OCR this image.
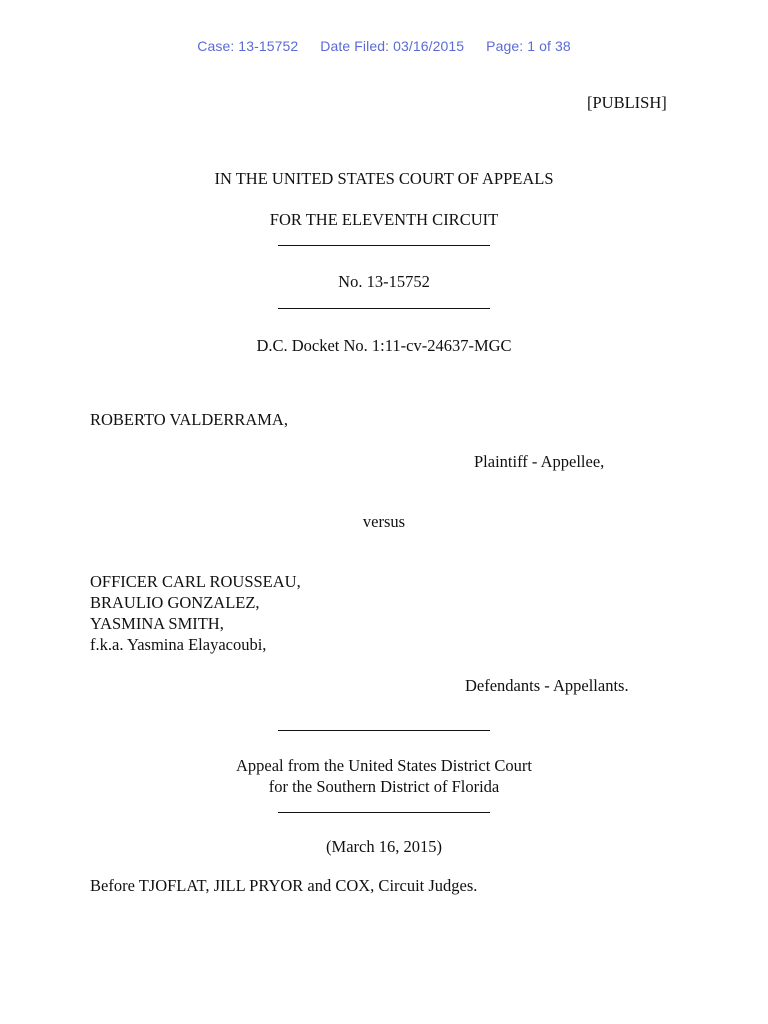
Case: 13-15752 Date Filed: 03/16/2015 Page: 1 of 38
[PUBLISH]
IN THE UNITED STATES COURT OF APPEALS
FOR THE ELEVENTH CIRCUIT
No. 13-15752
D.C. Docket No. 1:11-cv-24637-MGC
ROBERTO VALDERRAMA,
Plaintiff - Appellee,
versus
OFFICER CARL ROUSSEAU,
BRAULIO GONZALEZ,
YASMINA SMITH,
f.k.a. Yasmina Elayacoubi,
Defendants - Appellants.
Appeal from the United States District Court
for the Southern District of Florida
(March 16, 2015)
Before TJOFLAT, JILL PRYOR and COX, Circuit Judges.
